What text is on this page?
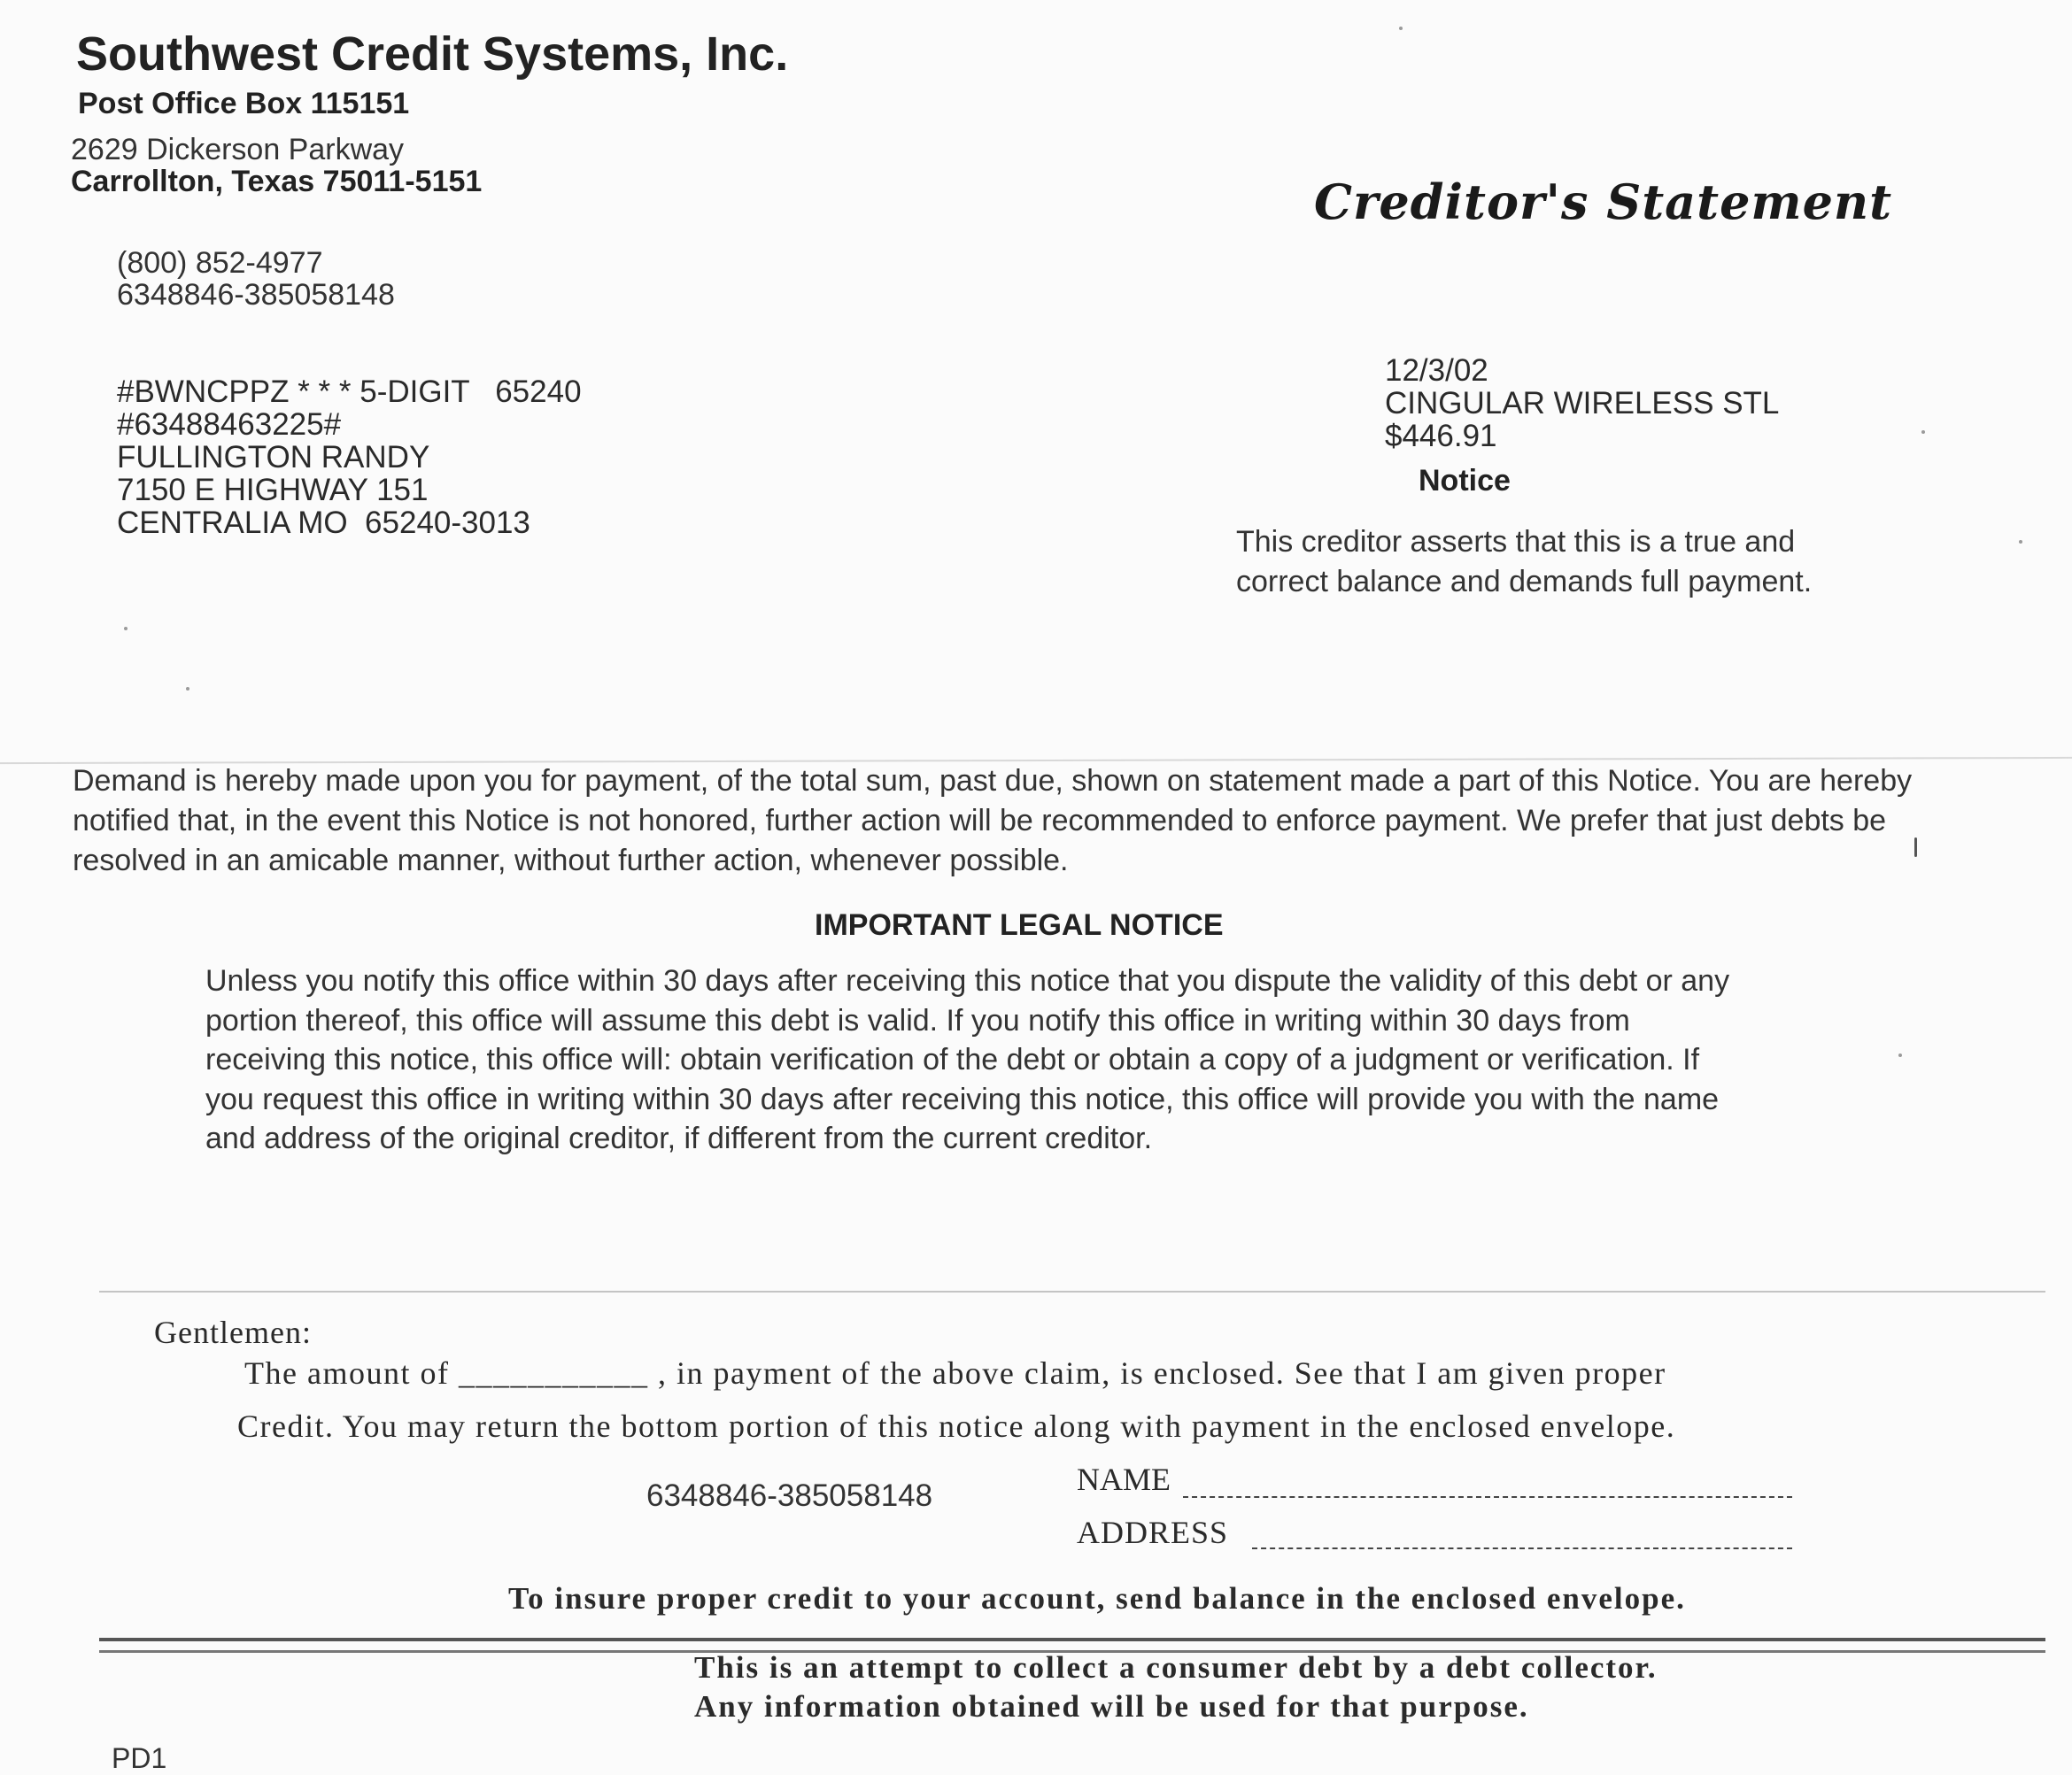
Southwest Credit Systems, Inc.
Post Office Box 115151
2629 Dickerson Parkway
Carrollton, Texas 75011-5151
(800) 852-4977
6348846-385058148
#BWNCPPZ * * * 5-DIGIT   65240
#63488463225#
FULLINGTON RANDY
7150 E HIGHWAY 151
CENTRALIA MO  65240-3013
Creditor's Statement
12/3/02
CINGULAR WIRELESS STL
$446.91
Notice
This creditor asserts that this is a true and correct balance and demands full payment.
Demand is hereby made upon you for payment, of the total sum, past due, shown on statement made a part of this Notice. You are hereby notified that, in the event this Notice is not honored, further action will be recommended to enforce payment. We prefer that just debts be resolved in an amicable manner, without further action, whenever possible.
IMPORTANT LEGAL NOTICE
Unless you notify this office within 30 days after receiving this notice that you dispute the validity of this debt or any portion thereof, this office will assume this debt is valid. If you notify this office in writing within 30 days from receiving this notice, this office will: obtain verification of the debt or obtain a copy of a judgment or verification. If you request this office in writing within 30 days after receiving this notice, this office will provide you with the name and address of the original creditor, if different from the current creditor.
Gentlemen:
The amount of ___________ , in payment of the above claim, is enclosed. See that I am given proper
Credit. You may return the bottom portion of this notice along with payment in the enclosed envelope.
6348846-385058148	NAME
ADDRESS
To insure proper credit to your account, send balance in the enclosed envelope.
This is an attempt to collect a consumer debt by a debt collector.
Any information obtained will be used for that purpose.
PD1
